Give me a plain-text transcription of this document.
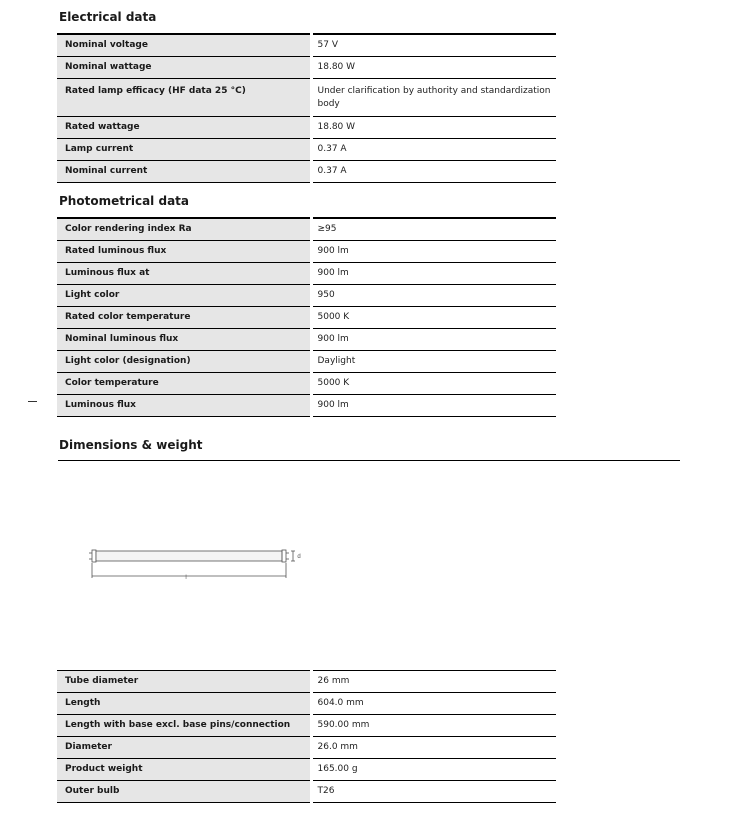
Electrical data
Nominal voltage	57 V
Nominal wattage	18.80 W
Rated lamp efficacy (HF data 25 °C)	Under clarification by authority and standardization body
Rated wattage	18.80 W
Lamp current	0.37 A
Nominal current	0.37 A
Photometrical data
Color rendering index Ra	≥95
Rated luminous flux	900 lm
Luminous flux at	900 lm
Light color	950
Rated color temperature	5000 K
Nominal luminous flux	900 lm
Light color (designation)	Daylight
Color temperature	5000 K
Luminous flux	900 lm
Dimensions & weight
l
d
Tube diameter	26 mm
Length	604.0 mm
Length with base excl. base pins/connection	590.00 mm
Diameter	26.0 mm
Product weight	165.00 g
Outer bulb	T26
